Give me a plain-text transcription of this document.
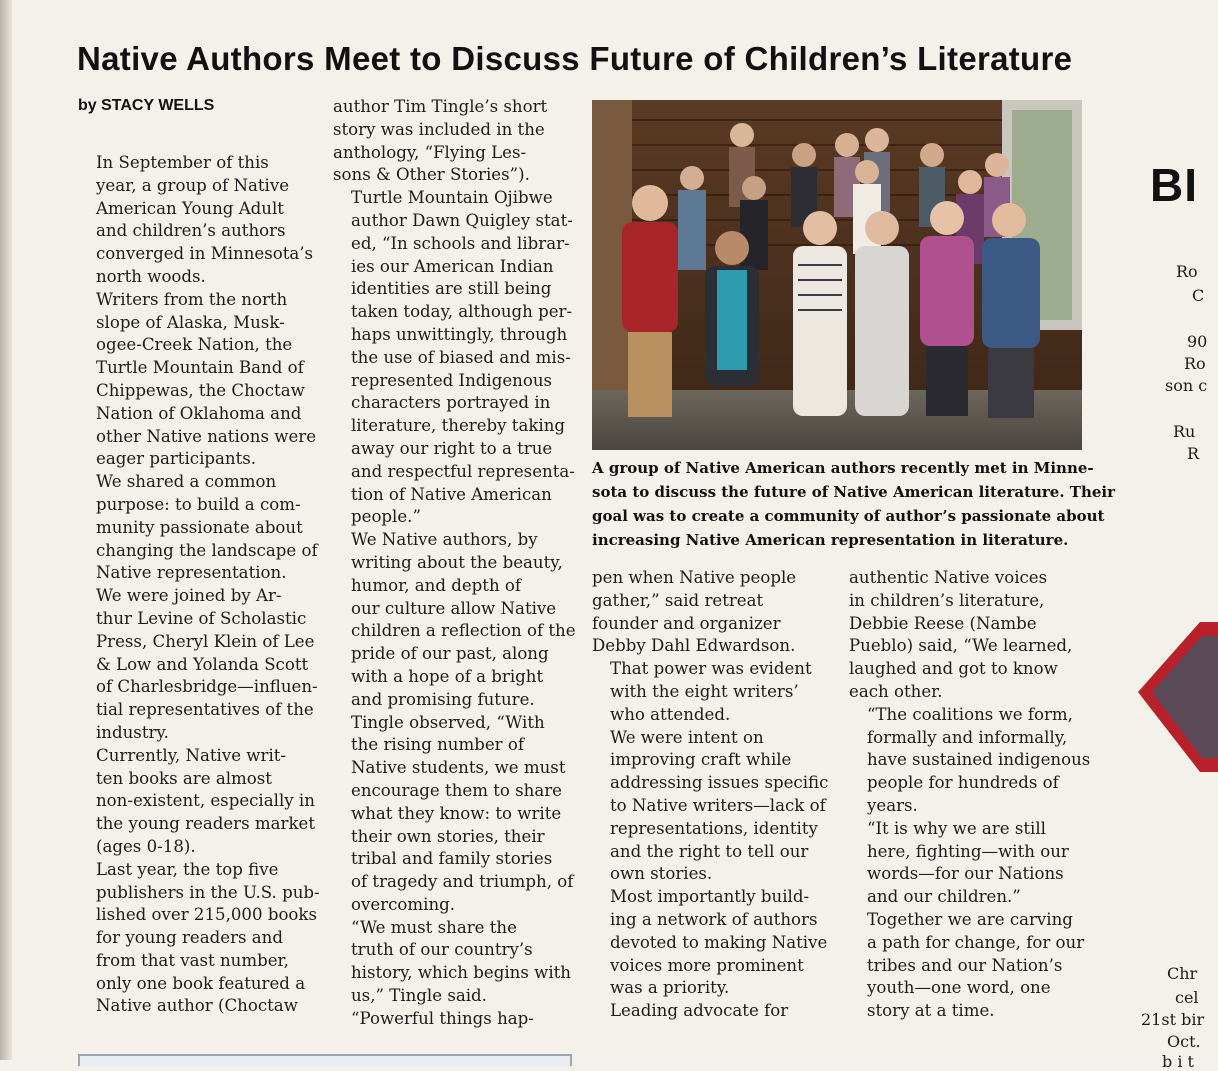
Native Authors Meet to Discuss Future of Children’s Literature
by STACY WELLS

In September of this
year, a group of Native
American Young Adult
and children’s authors
converged in Minnesota’s
north woods.

Writers from the north
slope of Alaska, Musk-
ogee-Creek Nation, the
Turtle Mountain Band of
Chippewas, the Choctaw
Nation of Oklahoma and
other Native nations were
eager participants.

We shared a common
purpose: to build a com-
munity passionate about
changing the landscape of
Native representation.

We were joined by Ar-
thur Levine of Scholastic
Press, Cheryl Klein of Lee
& Low and Yolanda Scott
of Charlesbridge—influen-
tial representatives of the
industry.

Currently, Native writ-
ten books are almost
non-existent, especially in
the young readers market
(ages 0-18).

Last year, the top five
publishers in the U.S. pub-
lished over 215,000 books
for young readers and
from that vast number,
only one book featured a
Native author (Choctaw

author Tim Tingle’s short
story was included in the
anthology, “Flying Les-
sons & Other Stories”).

Turtle Mountain Ojibwe
author Dawn Quigley stat-
ed, “In schools and librar-
ies our American Indian
identities are still being
taken today, although per-
haps unwittingly, through
the use of biased and mis-
represented Indigenous
characters portrayed in
literature, thereby taking
away our right to a true
and respectful representa-
tion of Native American
people.”

We Native authors, by
writing about the beauty,
humor, and depth of
our culture allow Native
children a reflection of the
pride of our past, along
with a hope of a bright
and promising future.

Tingle observed, “With
the rising number of
Native students, we must
encourage them to share
what they know: to write
their own stories, their
tribal and family stories
of tragedy and triumph, of
overcoming.

“We must share the
truth of our country’s
history, which begins with
us,” Tingle said.

“Powerful things hap-

A group of Native American authors recently met in Minne-
sota to discuss the future of Native American literature. Their
goal was to create a community of author’s passionate about
increasing Native American representation in literature.

pen when Native people
gather,” said retreat
founder and organizer
Debby Dahl Edwardson.

That power was evident
with the eight writers’
who attended.

We were intent on
improving craft while
addressing issues specific
to Native writers—lack of
representations, identity
and the right to tell our
own stories.

Most importantly build-
ing a network of authors
devoted to making Native
voices more prominent
was a priority.

Leading advocate for

authentic Native voices
in children’s literature,
Debbie Reese (Nambe
Pueblo) said, “We learned,
laughed and got to know
each other.

“The coalitions we form,
formally and informally,
have sustained indigenous
people for hundreds of
years.

“It is why we are still
here, fighting—with our
words—for our Nations
and our children.”

Together we are carving
a path for change, for our
tribes and our Nation’s
youth—one word, one
story at a time.

BI
Ro
C
90
Ro
son c
Ru
R
Chr
cel
21st bir
Oct.
b i t
